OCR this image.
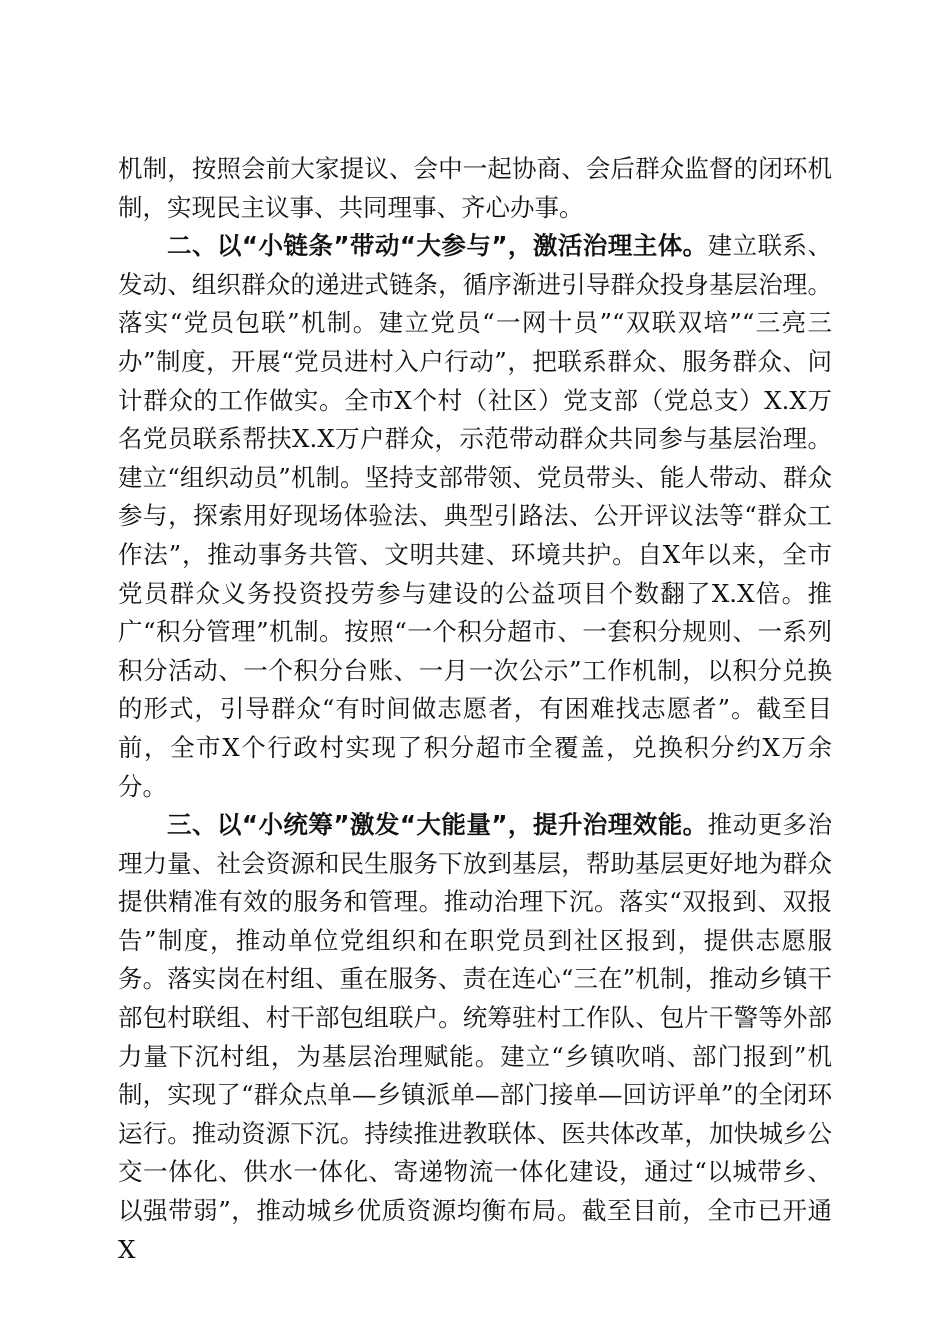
机制，按照会前大家提议、会中一起协商、会后群众监督的闭环机制，实现民主议事、共同理事、齐心办事。

二、以“小链条”带动“大参与”，激活治理主体。建立联系、发动、组织群众的递进式链条，循序渐进引导群众投身基层治理。落实“党员包联”机制。建立党员“一网十员”“双联双培”“三亮三办”制度，开展“党员进村入户行动”，把联系群众、服务群众、问计群众的工作做实。全市X个村（社区）党支部（党总支）X.X万名党员联系帮扶X.X万户群众，示范带动群众共同参与基层治理。建立“组织动员”机制。坚持支部带领、党员带头、能人带动、群众参与，探索用好现场体验法、典型引路法、公开评议法等“群众工作法”，推动事务共管、文明共建、环境共护。自X年以来，全市党员群众义务投资投劳参与建设的公益项目个数翻了X.X倍。推广“积分管理”机制。按照“一个积分超市、一套积分规则、一系列积分活动、一个积分台账、一月一次公示”工作机制，以积分兑换的形式，引导群众“有时间做志愿者，有困难找志愿者”。截至目前，全市X个行政村实现了积分超市全覆盖，兑换积分约X万余分。

三、以“小统筹”激发“大能量”，提升治理效能。推动更多治理力量、社会资源和民生服务下放到基层，帮助基层更好地为群众提供精准有效的服务和管理。推动治理下沉。落实“双报到、双报告”制度，推动单位党组织和在职党员到社区报到，提供志愿服务。落实岗在村组、重在服务、责在连心“三在”机制，推动乡镇干部包村联组、村干部包组联户。统筹驻村工作队、包片干警等外部力量下沉村组，为基层治理赋能。建立“乡镇吹哨、部门报到”机制，实现了“群众点单—乡镇派单—部门接单—回访评单”的全闭环运行。推动资源下沉。持续推进教联体、医共体改革，加快城乡公交一体化、供水一体化、寄递物流一体化建设，通过“以城带乡、以强带弱”，推动城乡优质资源均衡布局。截至目前，全市已开通X
